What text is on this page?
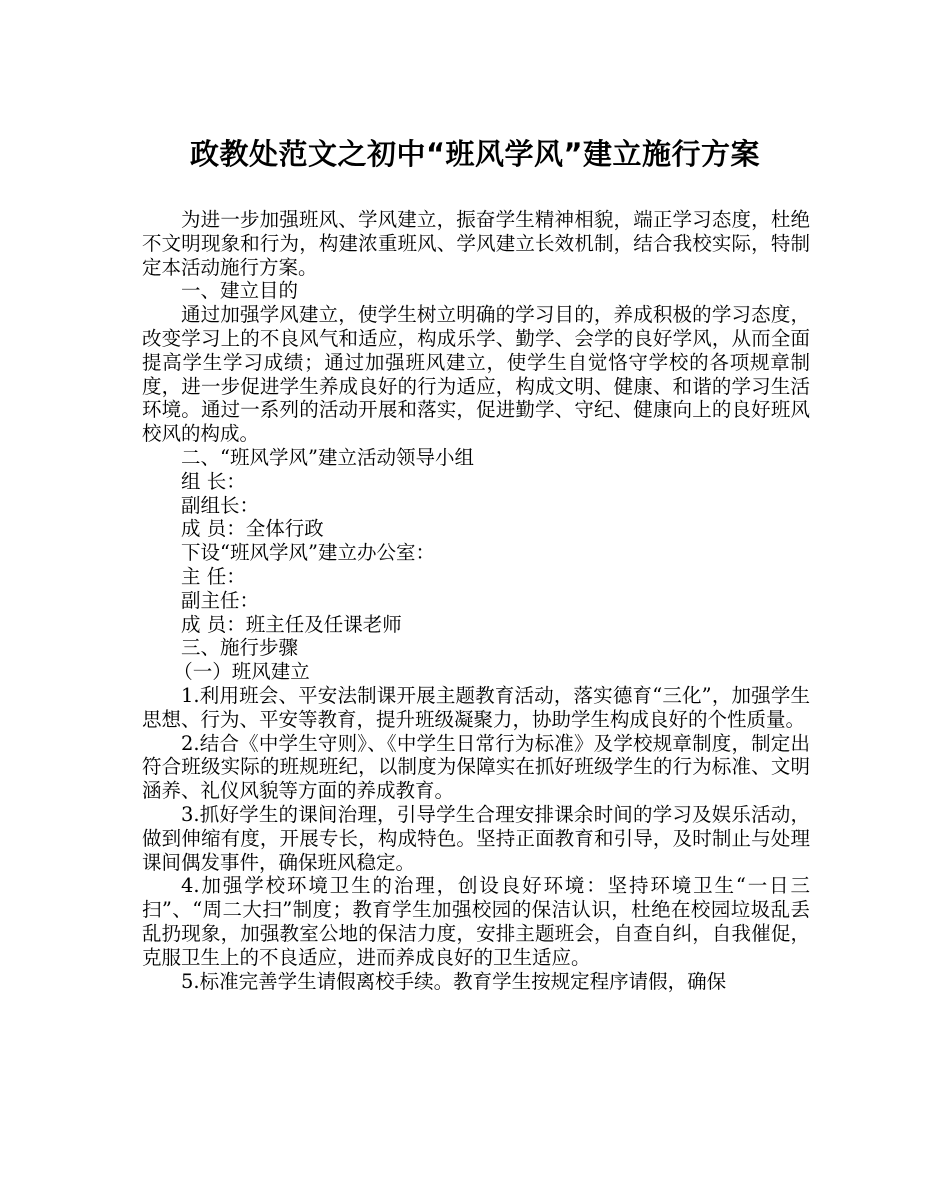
政教处范文之初中“班风学风”建立施行方案

为进一步加强班风、学风建立，振奋学生精神相貌，端正学习态度，杜绝不文明现象和行为，构建浓重班风、学风建立长效机制，结合我校实际，特制定本活动施行方案。

一、建立目的

通过加强学风建立，使学生树立明确的学习目的，养成积极的学习态度，改变学习上的不良风气和适应，构成乐学、勤学、会学的良好学风，从而全面提高学生学习成绩；通过加强班风建立，使学生自觉恪守学校的各项规章制度，进一步促进学生养成良好的行为适应，构成文明、健康、和谐的学习生活环境。通过一系列的活动开展和落实，促进勤学、守纪、健康向上的良好班风校风的构成。

二、“班风学风”建立活动领导小组

组 长：

副组长：

成 员：全体行政

下设“班风学风”建立办公室：

主 任：

副主任：

成 员：班主任及任课老师

三、施行步骤

（一）班风建立

1.利用班会、平安法制课开展主题教育活动，落实德育“三化”，加强学生思想、行为、平安等教育，提升班级凝聚力，协助学生构成良好的个性质量。

2.结合《中学生守则》、《中学生日常行为标准》及学校规章制度，制定出符合班级实际的班规班纪，以制度为保障实在抓好班级学生的行为标准、文明涵养、礼仪风貌等方面的养成教育。

3.抓好学生的课间治理，引导学生合理安排课余时间的学习及娱乐活动，做到伸缩有度，开展专长，构成特色。坚持正面教育和引导，及时制止与处理课间偶发事件，确保班风稳定。

4.加强学校环境卫生的治理，创设良好环境：坚持环境卫生“一日三扫”、“周二大扫”制度；教育学生加强校园的保洁认识，杜绝在校园垃圾乱丢乱扔现象，加强教室公地的保洁力度，安排主题班会，自查自纠，自我催促，克服卫生上的不良适应，进而养成良好的卫生适应。

5.标准完善学生请假离校手续。教育学生按规定程序请假，确保
